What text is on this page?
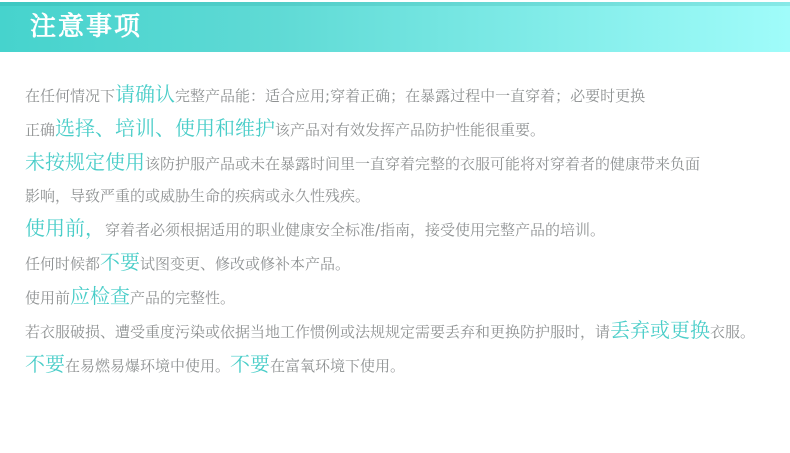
注意事项
在任何情况下请确认完整产品能：适合应用;穿着正确；在暴露过程中一直穿着；必要时更换
正确选择、培训、使用和维护该产品对有效发挥产品防护性能很重要。
未按规定使用该防护服产品或未在暴露时间里一直穿着完整的衣服可能将对穿着者的健康带来负面
影响，导致严重的或威胁生命的疾病或永久性残疾。
使用前，穿着者必须根据适用的职业健康安全标准/指南，接受使用完整产品的培训。
任何时候都不要试图变更、修改或修补本产品。
使用前应检查产品的完整性。
若衣服破损、遭受重度污染或依据当地工作惯例或法规规定需要丢弃和更换防护服时，请丢弃或更换衣服。
不要在易燃易爆环境中使用。不要在富氧环境下使用。
